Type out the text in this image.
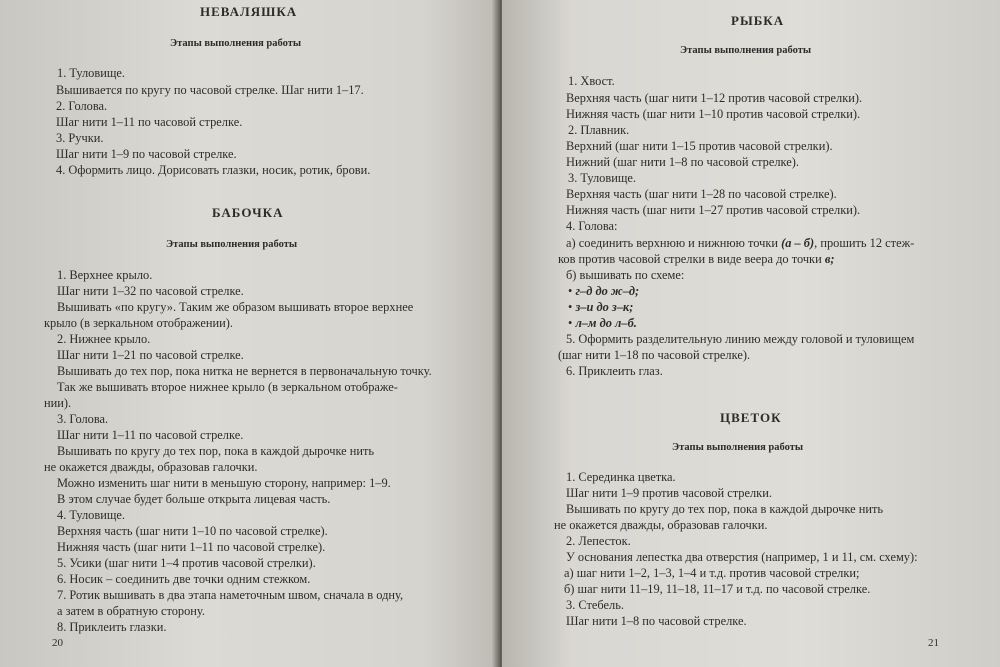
НЕВАЛЯШКА
Этапы выполнения работы
1. Туловище.
Вышивается по кругу по часовой стрелке. Шаг нити 1–17.
2. Голова.
Шаг нити 1–11 по часовой стрелке.
3. Ручки.
Шаг нити 1–9 по часовой стрелке.
4. Оформить лицо. Дорисовать глазки, носик, ротик, брови.
БАБОЧКА
Этапы выполнения работы
1. Верхнее крыло.
Шаг нити 1–32 по часовой стрелке.
Вышивать «по кругу». Таким же образом вышивать второе верхнее
крыло (в зеркальном отображении).
2. Нижнее крыло.
Шаг нити 1–21 по часовой стрелке.
Вышивать до тех пор, пока нитка не вернется в первоначальную точку.
Так же вышивать второе нижнее крыло (в зеркальном отображе-
нии).
3. Голова.
Шаг нити 1–11 по часовой стрелке.
Вышивать по кругу до тех пор, пока в каждой дырочке нить
не окажется дважды, образовав галочки.
Можно изменить шаг нити в меньшую сторону, например: 1–9.
В этом случае будет больше открыта лицевая часть.
4. Туловище.
Верхняя часть (шаг нити 1–10 по часовой стрелке).
Нижняя часть (шаг нити 1–11 по часовой стрелке).
5. Усики (шаг нити 1–4 против часовой стрелки).
6. Носик – соединить две точки одним стежком.
7. Ротик вышивать в два этапа наметочным швом, сначала в одну,
а затем в обратную сторону.
8. Приклеить глазки.
20
РЫБКА
Этапы выполнения работы
1. Хвост.
Верхняя часть (шаг нити 1–12 против часовой стрелки).
Нижняя часть (шаг нити 1–10 против часовой стрелки).
2. Плавник.
Верхний (шаг нити 1–15 против часовой стрелки).
Нижний (шаг нити 1–8 по часовой стрелке).
3. Туловище.
Верхняя часть (шаг нити 1–28 по часовой стрелке).
Нижняя часть (шаг нити 1–27 против часовой стрелки).
4. Голова:
а) соединить верхнюю и нижнюю точки (а – б), прошить 12 стеж-
ков против часовой стрелки в виде веера до точки в;
б) вышивать по схеме:
• г–д до ж–д;
• з–и до з–к;
• л–м до л–б.
5. Оформить разделительную линию между головой и туловищем
(шаг нити 1–18 по часовой стрелке).
6. Приклеить глаз.
ЦВЕТОК
Этапы выполнения работы
1. Серединка цветка.
Шаг нити 1–9 против часовой стрелки.
Вышивать по кругу до тех пор, пока в каждой дырочке нить
не окажется дважды, образовав галочки.
2. Лепесток.
У основания лепестка два отверстия (например, 1 и 11, см. схему):
а) шаг нити 1–2, 1–3, 1–4 и т.д. против часовой стрелки;
б) шаг нити 11–19, 11–18, 11–17 и т.д. по часовой стрелке.
3. Стебель.
Шаг нити 1–8 по часовой стрелке.
21
